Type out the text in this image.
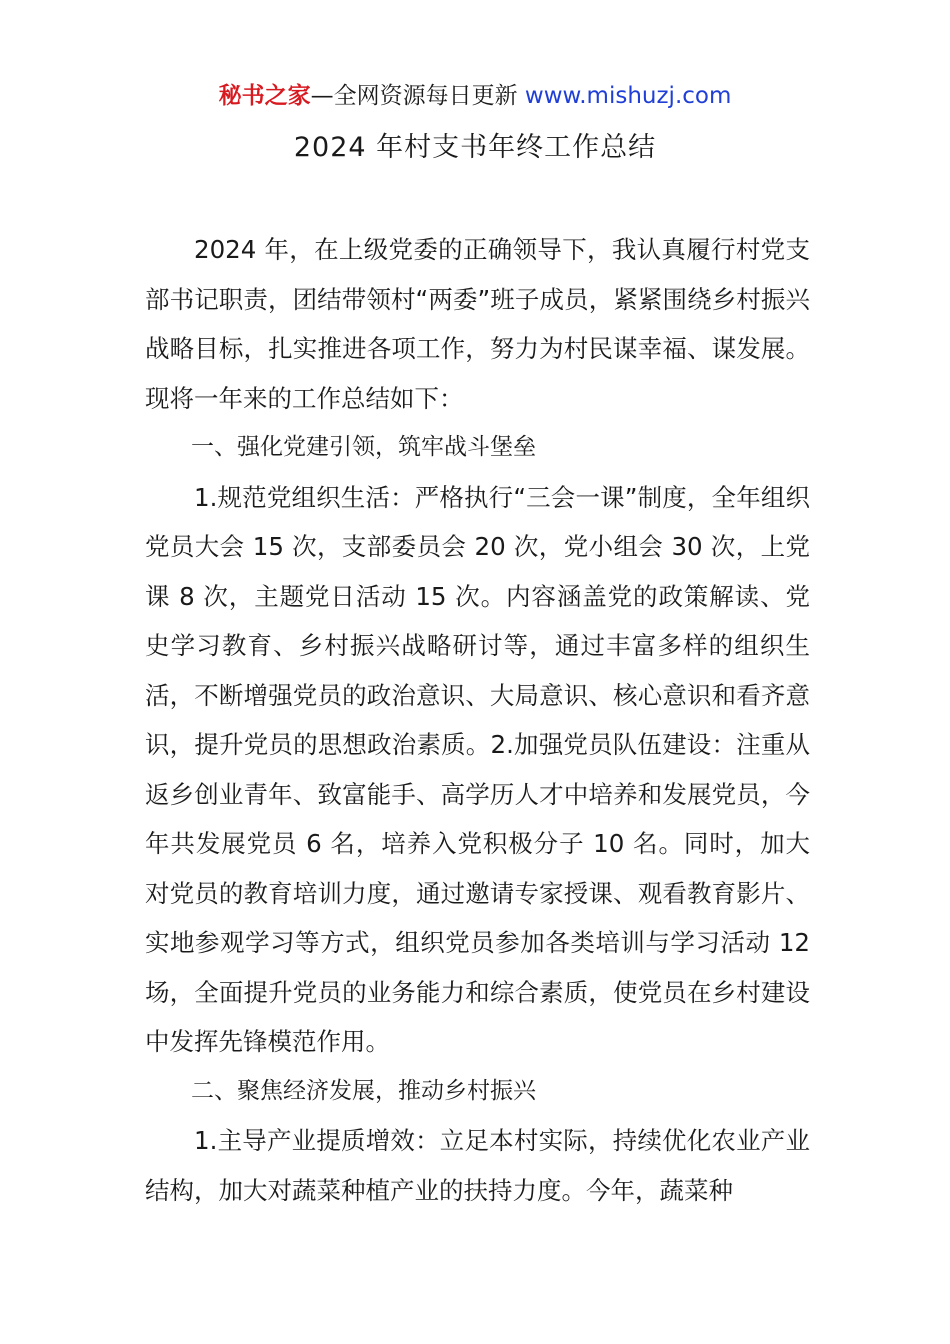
秘书之家—全网资源每日更新 www.mishuzj.com
2024 年村支书年终工作总结

2024 年，在上级党委的正确领导下，我认真履行村党支部书记职责，团结带领村“两委”班子成员，紧紧围绕乡村振兴战略目标，扎实推进各项工作，努力为村民谋幸福、谋发展。现将一年来的工作总结如下：

一、强化党建引领，筑牢战斗堡垒

1.规范党组织生活：严格执行“三会一课”制度，全年组织党员大会 15 次，支部委员会 20 次，党小组会 30 次，上党课 8 次，主题党日活动 15 次。内容涵盖党的政策解读、党史学习教育、乡村振兴战略研讨等，通过丰富多样的组织生活，不断增强党员的政治意识、大局意识、核心意识和看齐意识，提升党员的思想政治素质。2.加强党员队伍建设：注重从返乡创业青年、致富能手、高学历人才中培养和发展党员，今年共发展党员 6 名，培养入党积极分子 10 名。同时，加大对党员的教育培训力度，通过邀请专家授课、观看教育影片、实地参观学习等方式，组织党员参加各类培训与学习活动 12 场，全面提升党员的业务能力和综合素质，使党员在乡村建设中发挥先锋模范作用。

二、聚焦经济发展，推动乡村振兴

1.主导产业提质增效：立足本村实际，持续优化农业产业结构，加大对蔬菜种植产业的扶持力度。今年，蔬菜种
